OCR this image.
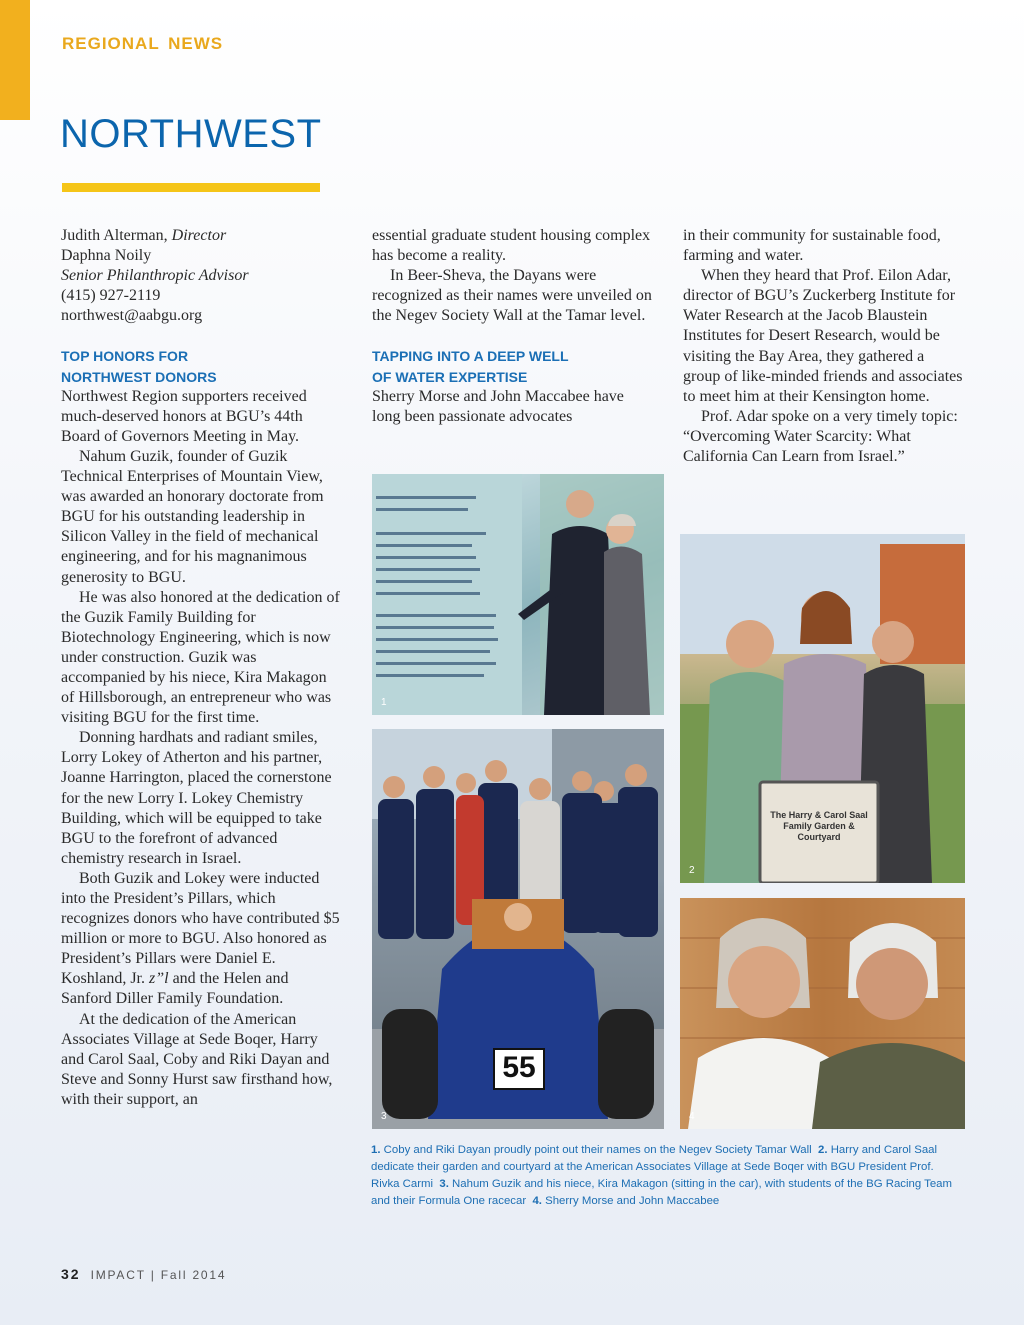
REGIONAL NEWS

NORTHWEST

Judith Alterman, Director

Daphna Noily

Senior Philanthropic Advisor

(415) 927-2119

northwest@aabgu.org

TOP HONORS FOR

NORTHWEST DONORS

Northwest Region supporters received much-deserved honors at BGU’s 44th Board of Governors Meeting in May.

Nahum Guzik, founder of Guzik Technical Enterprises of Mountain View, was awarded an honorary doctorate from BGU for his outstanding leadership in Silicon Valley in the field of mechanical engineering, and for his magnanimous generosity to BGU.

He was also honored at the dedication of the Guzik Family Building for Biotechnology Engineering, which is now under construction. Guzik was accompanied by his niece, Kira Makagon of Hillsborough, an entrepreneur who was visiting BGU for the first time.

Donning hardhats and radiant smiles, Lorry Lokey of Atherton and his partner, Joanne Harrington, placed the cornerstone for the new Lorry I. Lokey Chemistry Building, which will be equipped to take BGU to the forefront of advanced chemistry research in Israel.

Both Guzik and Lokey were inducted into the President’s Pillars, which recognizes donors who have contributed $5 million or more to BGU. Also honored as President’s Pillars were Daniel E. Koshland, Jr. z”l and the Helen and Sanford Diller Family Foundation.

At the dedication of the American Associates Village at Sede Boqer, Harry and Carol Saal, Coby and Riki Dayan and Steve and Sonny Hurst saw firsthand how, with their support, an

essential graduate student housing complex has become a reality.

In Beer-Sheva, the Dayans were recognized as their names were unveiled on the Negev Society Wall at the Tamar level.

TAPPING INTO A DEEP WELL

OF WATER EXPERTISE

Sherry Morse and John Maccabee have long been passionate advocates

in their community for sustainable food, farming and water.

When they heard that Prof. Eilon Adar, director of BGU’s Zuckerberg Institute for Water Research at the Jacob Blaustein Institutes for Desert Research, would be visiting the Bay Area, they gathered a group of like-minded friends and associates to meet him at their Kensington home.

Prof. Adar spoke on a very timely topic: “Overcoming Water Scarcity: What California Can Learn from Israel.”

1
The Harry & Carol Saal Family Garden & Courtyard
2
55
3	4

1. Coby and Riki Dayan proudly point out their names on the Negev Society Tamar Wall 2. Harry and Carol Saal dedicate their garden and courtyard at the American Associates Village at Sede Boqer with BGU President Prof. Rivka Carmi 3. Nahum Guzik and his niece, Kira Makagon (sitting in the car), with students of the BG Racing Team and their Formula One racecar 4. Sherry Morse and John Maccabee

32 IMPACT | Fall 2014
